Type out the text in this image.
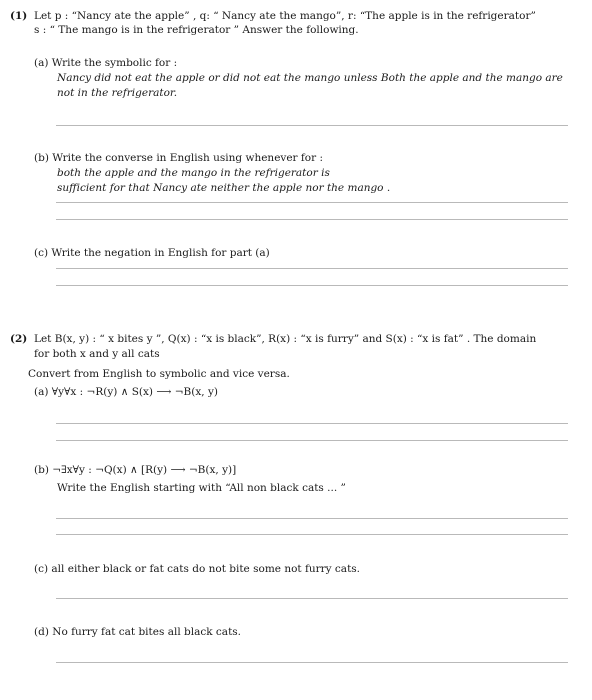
(1) Let p : “Nancy ate the apple” , q: “ Nancy ate the mango”, r: “The apple is in the refrigerator”
s : “ The mango is in the refrigerator ” Answer the following.
(a) Write the symbolic for :
Nancy did not eat the apple or did not eat the mango unless Both the apple and the mango are
not in the refrigerator.
(b) Write the converse in English using whenever for :
both the apple and the mango in the refrigerator is
sufficient for that Nancy ate neither the apple nor the mango .
(c) Write the negation in English for part (a)
(2) Let B(x, y) : “ x bites y ”, Q(x) : “x is black”, R(x) : “x is furry” and S(x) : “x is fat” . The domain
for both x and y all cats
Convert from English to symbolic and vice versa.
(a) ∀y∀x : ¬R(y) ∧ S(x) ⟶ ¬B(x, y)
(b) ¬∃x∀y : ¬Q(x) ∧ [R(y) ⟶ ¬B(x, y)]
Write the English starting with “All non black cats ... ”
(c) all either black or fat cats do not bite some not furry cats.
(d) No furry fat cat bites all black cats.
